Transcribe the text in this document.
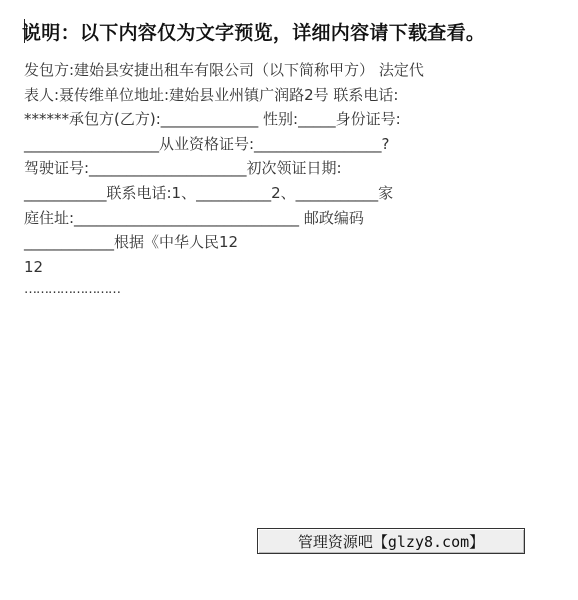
说明：以下内容仅为文字预览，详细内容请下载查看。
发包方:建始县安捷出租车有限公司（以下简称甲方） 法定代
表人:聂传维单位地址:建始县业州镇广润路2号 联系电话:
******承包方(乙方):_____________ 性别:_____身份证号:
__________________从业资格证号:_________________?
驾驶证号:_____________________初次领证日期:
___________联系电话:1、__________2、___________家
庭住址:______________________________ 邮政编码
____________根据《中华人民12
12
……………………
管理资源吧【glzy8.com】
